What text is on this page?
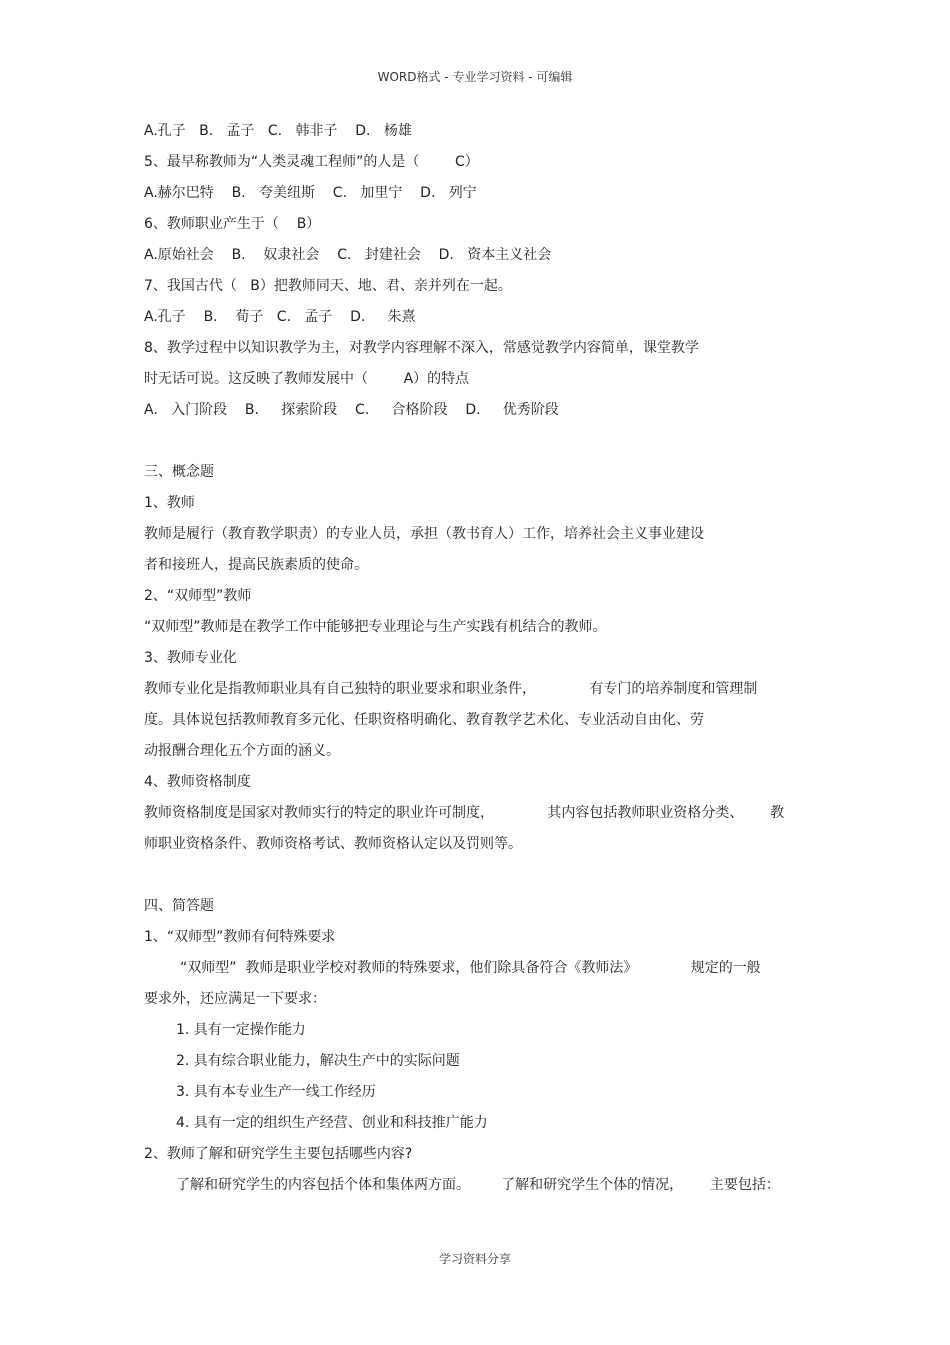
WORD格式 - 专业学习资料 - 可编辑
A.孔子   B.   孟子   C.   韩非子    D.   杨雄
5、最早称教师为“人类灵魂工程师”的人是（        C）
A.赫尔巴特    B.   夸美纽斯    C.   加里宁    D.   列宁
6、教师职业产生于（    B）
A.原始社会    B.    奴隶社会    C.   封建社会    D.   资本主义社会
7、我国古代（   B）把教师同天、地、君、亲并列在一起。
A.孔子    B.    荀子   C.   孟子    D.     朱熹
8、教学过程中以知识教学为主，对教学内容理解不深入，常感觉教学内容简单，课堂教学
时无话可说。这反映了教师发展中（        A）的特点
A.   入门阶段    B.     探索阶段    C.     合格阶段    D.     优秀阶段
三、概念题
1、教师
教师是履行（教育教学职责）的专业人员，承担（教书育人）工作，培养社会主义事业建设
者和接班人，提高民族素质的使命。
2、“双师型”教师
“双师型”教师是在教学工作中能够把专业理论与生产实践有机结合的教师。
3、教师专业化
教师专业化是指教师职业具有自己独特的职业要求和职业条件，            有专门的培养制度和管理制
度。具体说包括教师教育多元化、任职资格明确化、教育教学艺术化、专业活动自由化、劳
动报酬合理化五个方面的涵义。
4、教师资格制度
教师资格制度是国家对教师实行的特定的职业许可制度，            其内容包括教师职业资格分类、      教
师职业资格条件、教师资格考试、教师资格认定以及罚则等。
四、简答题
1、“双师型”教师有何特殊要求
“双师型”  教师是职业学校对教师的特殊要求，他们除具备符合《教师法》            规定的一般
要求外，还应满足一下要求：
1. 具有一定操作能力
2. 具有综合职业能力，解决生产中的实际问题
3. 具有本专业生产一线工作经历
4. 具有一定的组织生产经营、创业和科技推广能力
2、教师了解和研究学生主要包括哪些内容?
了解和研究学生的内容包括个体和集体两方面。       了解和研究学生个体的情况，      主要包括：
学习资料分享
